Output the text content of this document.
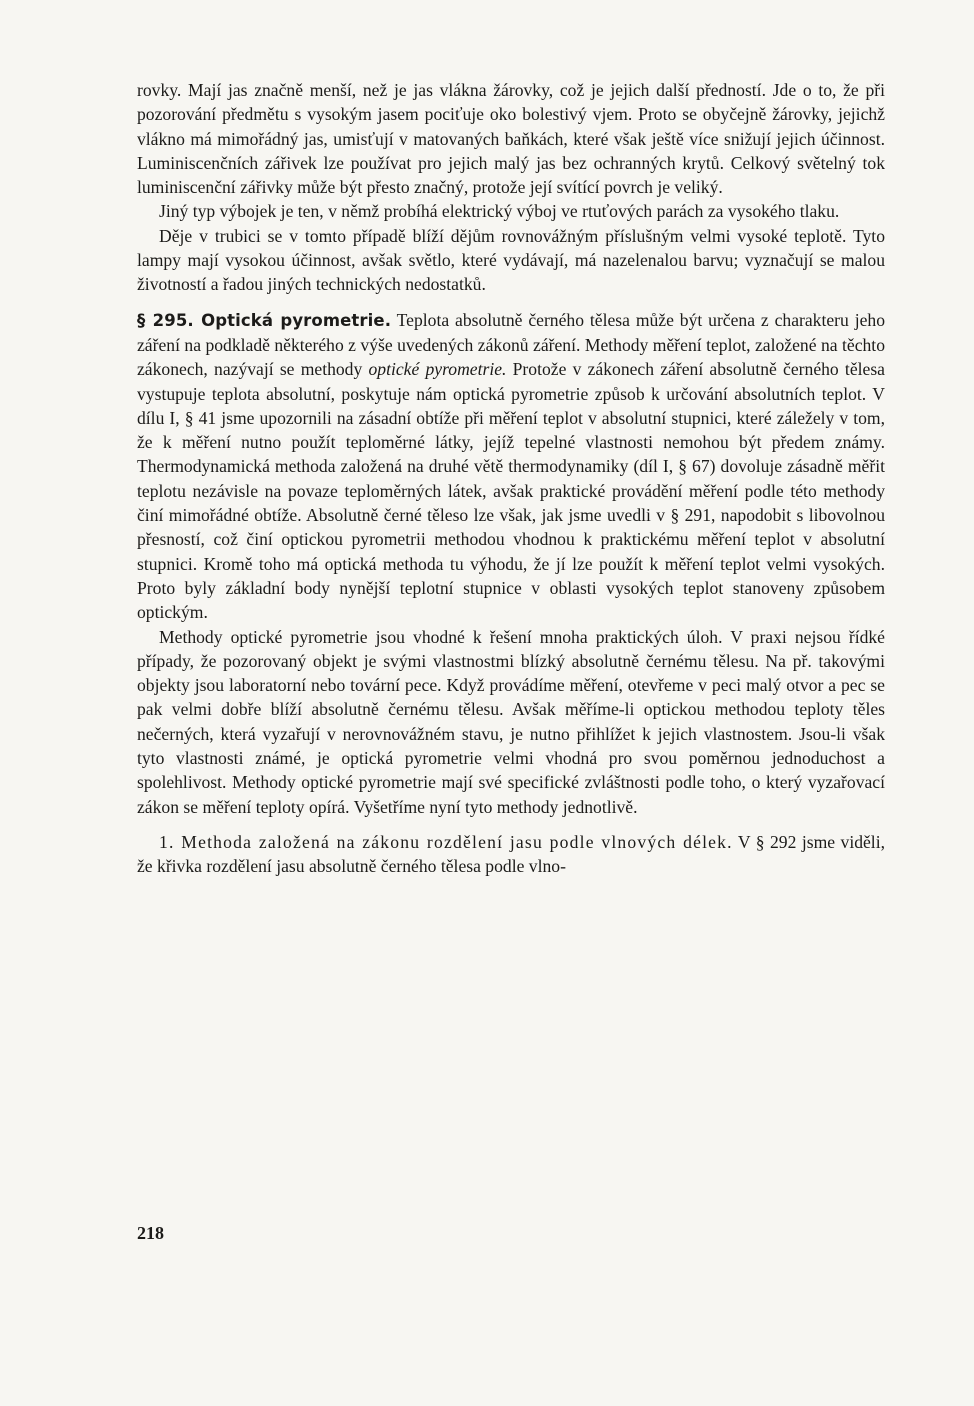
rovky. Mají jas značně menší, než je jas vlákna žárovky, což je jejich další předností. Jde o to, že při pozorování předmětu s vysokým jasem pociťuje oko bolestivý vjem. Proto se obyčejně žárovky, jejichž vlákno má mimořádný jas, umisťují v matovaných baňkách, které však ještě více snižují jejich účinnost. Luminiscenčních zářivek lze používat pro jejich malý jas bez ochranných krytů. Celkový světelný tok luminiscenční zářivky může být přesto značný, protože její svítící povrch je veliký.

Jiný typ výbojek je ten, v němž probíhá elektrický výboj ve rtuťových parách za vysokého tlaku.

Děje v trubici se v tomto případě blíží dějům rovnovážným příslušným velmi vysoké teplotě. Tyto lampy mají vysokou účinnost, avšak světlo, které vydávají, má nazelenalou barvu; vyznačují se malou životností a řadou jiných technických nedostatků.

§ 295. Optická pyrometrie. Teplota absolutně černého tělesa může být určena z charakteru jeho záření na podkladě některého z výše uvedených zákonů záření. Methody měření teplot, založené na těchto zákonech, nazývají se methody optické pyrometrie. Protože v zákonech záření absolutně černého tělesa vystupuje teplota absolutní, poskytuje nám optická pyrometrie způsob k určování absolutních teplot. V dílu I, § 41 jsme upozornili na zásadní obtíže při měření teplot v absolutní stupnici, které záležely v tom, že k měření nutno použít teploměrné látky, jejíž tepelné vlastnosti nemohou být předem známy. Thermodynamická methoda založená na druhé větě thermodynamiky (díl I, § 67) dovoluje zásadně měřit teplotu nezávisle na povaze teploměrných látek, avšak praktické provádění měření podle této methody činí mimořádné obtíže. Absolutně černé těleso lze však, jak jsme uvedli v § 291, napodobit s libovolnou přesností, což činí optickou pyrometrii methodou vhodnou k praktickému měření teplot v absolutní stupnici. Kromě toho má optická methoda tu výhodu, že jí lze použít k měření teplot velmi vysokých. Proto byly základní body nynější teplotní stupnice v oblasti vysokých teplot stanoveny způsobem optickým.

Methody optické pyrometrie jsou vhodné k řešení mnoha praktických úloh. V praxi nejsou řídké případy, že pozorovaný objekt je svými vlastnostmi blízký absolutně černému tělesu. Na př. takovými objekty jsou laboratorní nebo tovární pece. Když provádíme měření, otevřeme v peci malý otvor a pec se pak velmi dobře blíží absolutně černému tělesu. Avšak měříme-li optickou methodou teploty těles nečerných, která vyzařují v nerovnovážném stavu, je nutno přihlížet k jejich vlastnostem. Jsou-li však tyto vlastnosti známé, je optická pyrometrie velmi vhodná pro svou poměrnou jednoduchost a spolehlivost. Methody optické pyrometrie mají své specifické zvláštnosti podle toho, o který vyzařovací zákon se měření teploty opírá. Vyšetříme nyní tyto methody jednotlivě.

1. Methoda založená na zákonu rozdělení jasu podle vlnových délek. V § 292 jsme viděli, že křivka rozdělení jasu absolutně černého tělesa podle vlno-

218
